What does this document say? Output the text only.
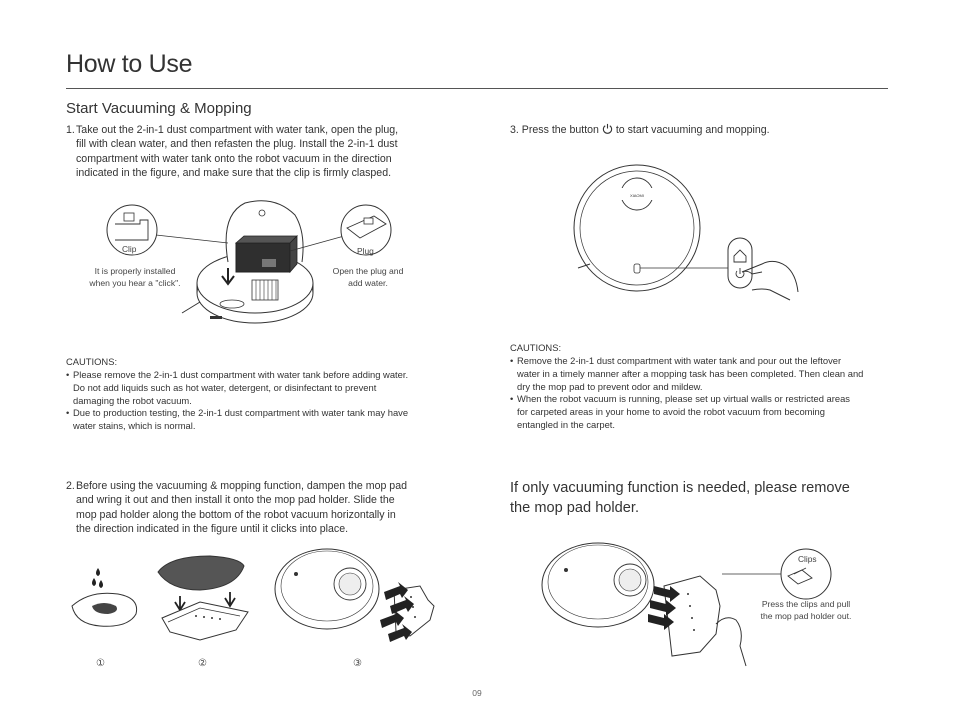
How to Use
Start Vacuuming & Mopping
1. Take out the 2-in-1 dust compartment with water tank, open the plug,
fill with clean water, and then refasten the plug. Install the 2-in-1 dust
compartment with water tank onto the robot vacuum in the direction
indicated in the figure, and make sure that the clip is firmly clasped.
Clip	Plug
It is properly installed
when you hear a "click".
Open the plug and
add water.
CAUTIONS:
• Please remove the 2-in-1 dust compartment with water tank before adding water.
Do not add liquids such as hot water, detergent, or disinfectant to prevent
damaging the robot vacuum.
• Due to production testing, the 2-in-1 dust compartment with water tank may have
water stains, which is normal.
2. Before using the vacuuming & mopping function, dampen the mop pad
and wring it out and then install it onto the mop pad holder. Slide the
mop pad holder along the bottom of the robot vacuum horizontally in
the direction indicated in the figure until it clicks into place.
①	②	③
3. Press the button to start vacuuming and mopping.
XIAOMI
CAUTIONS:
• Remove the 2-in-1 dust compartment with water tank and pour out the leftover
water in a timely manner after a mopping task has been completed. Then clean and
dry the mop pad to prevent odor and mildew.
• When the robot vacuum is running, please set up virtual walls or restricted areas
for carpeted areas in your home to avoid the robot vacuum from becoming
entangled in the carpet.
If only vacuuming function is needed, please remove
the mop pad holder.
Clips
Press the clips and pull
the mop pad holder out.
09
